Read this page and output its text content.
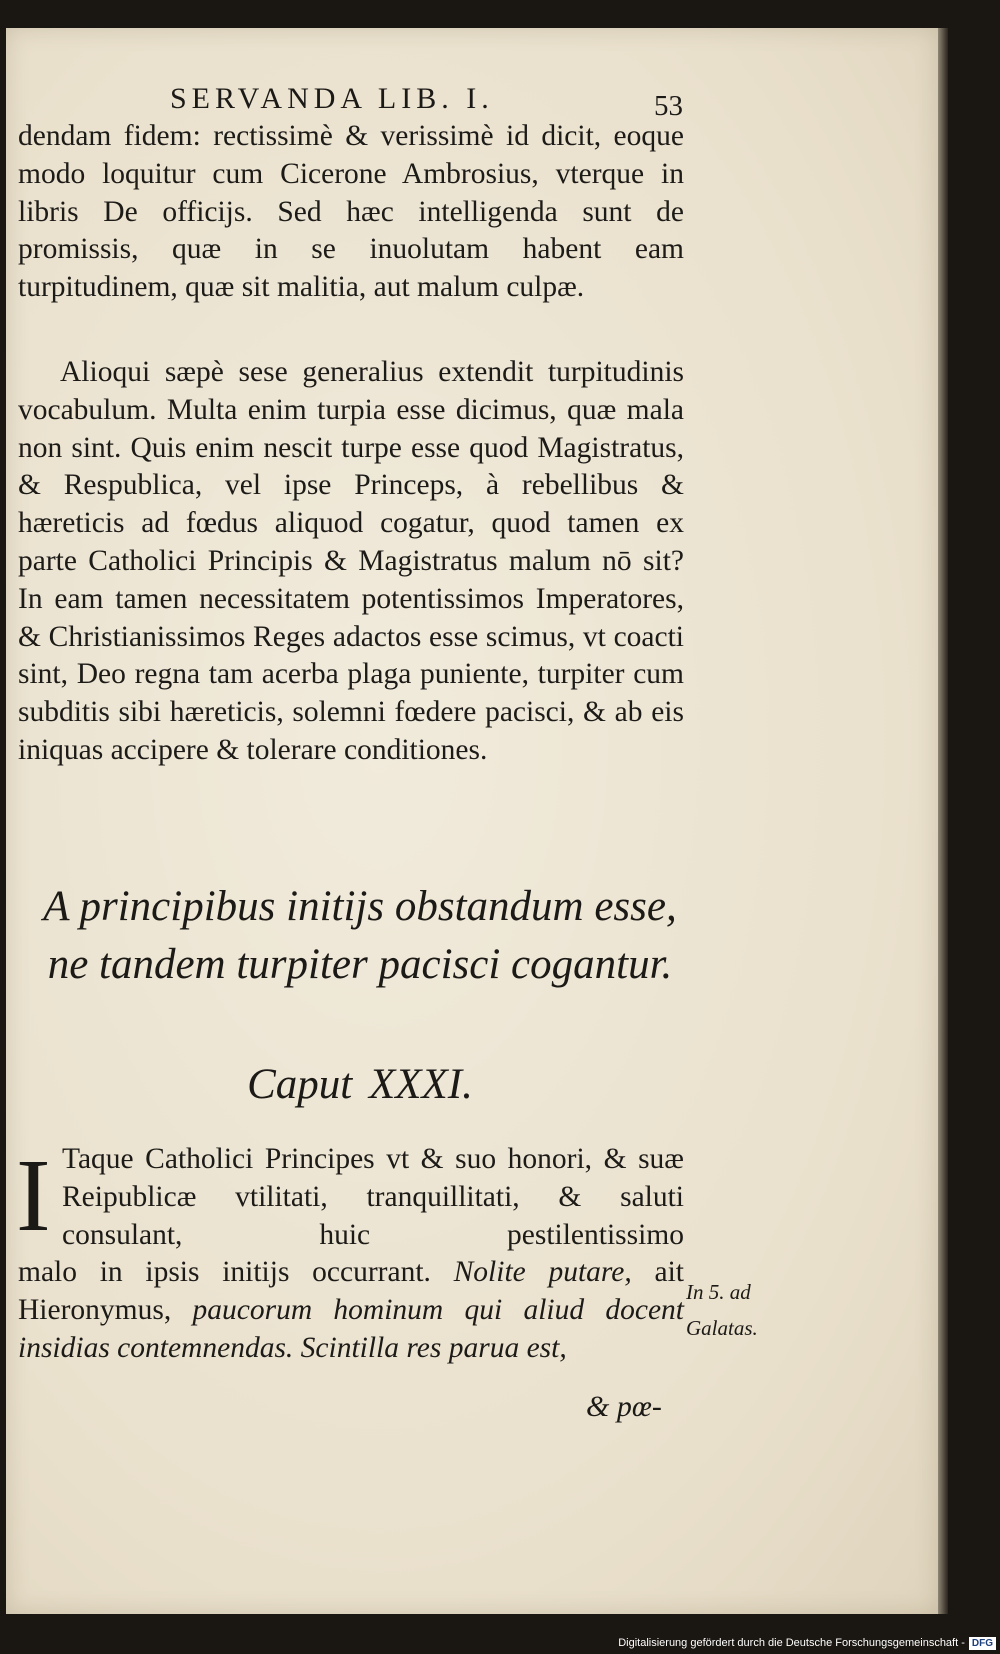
SERVANDA LIB. I.	53

dendam fidem: rectissimè & verissimè id dicit, eoque modo loquitur cum Cicerone Ambrosius, vterque in libris De officijs. Sed hæc intelligenda sunt de promissis, quæ in se inuolutam habent eam turpitudinem, quæ sit malitia, aut malum culpæ.

Alioqui sæpè sese generalius extendit turpitudinis vocabulum. Multa enim turpia esse dicimus, quæ mala non sint. Quis enim nescit turpe esse quod Magistratus, & Respublica, vel ipse Princeps, à rebellibus & hæreticis ad fœdus aliquod cogatur, quod tamen ex parte Catholici Principis & Magistratus malum nō sit? In eam tamen necessitatem potentissimos Imperatores, & Christianissimos Reges adactos esse scimus, vt coacti sint, Deo regna tam acerba plaga puniente, turpiter cum subditis sibi hæreticis, solemni fœdere pacisci, & ab eis iniquas accipere & tolerare conditiones.

A principibus initijs obstandum esse, ne tandem turpiter pacisci cogantur.

Caput XXXI.

I Taque Catholici Principes vt & suo honori, & suæ Reipublicæ vtilitati, tranquillitati, & saluti consulant, huic pestilentissimo

malo in ipsis initijs occurrant. Nolite putare, ait Hieronymus, paucorum hominum qui aliud docent insidias contemnendas. Scintilla res parua est,

& pœ-

In 5. ad Galatas.

Digitalisierung gefördert durch die Deutsche Forschungsgemeinschaft - DFG
